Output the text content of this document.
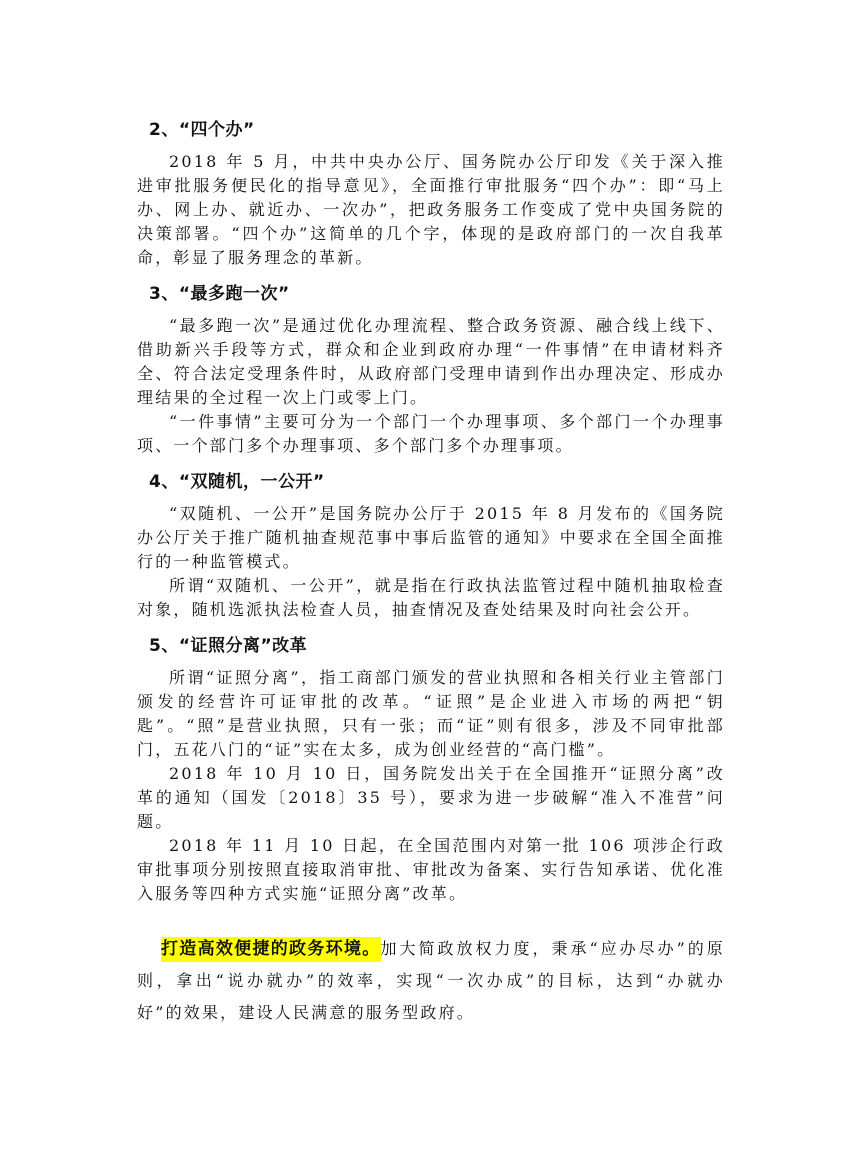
2、“四个办”

2018 年 5 月，中共中央办公厅、国务院办公厅印发《关于深入推进审批服务便民化的指导意见》，全面推行审批服务“四个办”：即“马上办、网上办、就近办、一次办”，把政务服务工作变成了党中央国务院的决策部署。“四个办”这简单的几个字，体现的是政府部门的一次自我革命，彰显了服务理念的革新。

3、“最多跑一次”

“最多跑一次”是通过优化办理流程、整合政务资源、融合线上线下、借助新兴手段等方式，群众和企业到政府办理“一件事情”在申请材料齐全、符合法定受理条件时，从政府部门受理申请到作出办理决定、形成办理结果的全过程一次上门或零上门。

“一件事情”主要可分为一个部门一个办理事项、多个部门一个办理事项、一个部门多个办理事项、多个部门多个办理事项。

4、“双随机，一公开”

“双随机、一公开”是国务院办公厅于 2015 年 8 月发布的《国务院办公厅关于推广随机抽查规范事中事后监管的通知》中要求在全国全面推行的一种监管模式。

所谓“双随机、一公开”，就是指在行政执法监管过程中随机抽取检查对象，随机选派执法检查人员，抽查情况及查处结果及时向社会公开。

5、“证照分离”改革

所谓“证照分离”，指工商部门颁发的营业执照和各相关行业主管部门颁发的经营许可证审批的改革。“证照”是企业进入市场的两把“钥匙”。“照”是营业执照，只有一张；而“证”则有很多，涉及不同审批部门，五花八门的“证”实在太多，成为创业经营的“高门槛”。

2018 年 10 月 10 日，国务院发出关于在全国推开“证照分离”改革的通知（国发〔2018〕35 号），要求为进一步破解“准入不准营”问题。

2018 年 11 月 10 日起，在全国范围内对第一批 106 项涉企行政审批事项分别按照直接取消审批、审批改为备案、实行告知承诺、优化准入服务等四种方式实施“证照分离”改革。

打造高效便捷的政务环境。加大简政放权力度，秉承“应办尽办”的原则，拿出“说办就办”的效率，实现“一次办成”的目标，达到“办就办好”的效果，建设人民满意的服务型政府。
